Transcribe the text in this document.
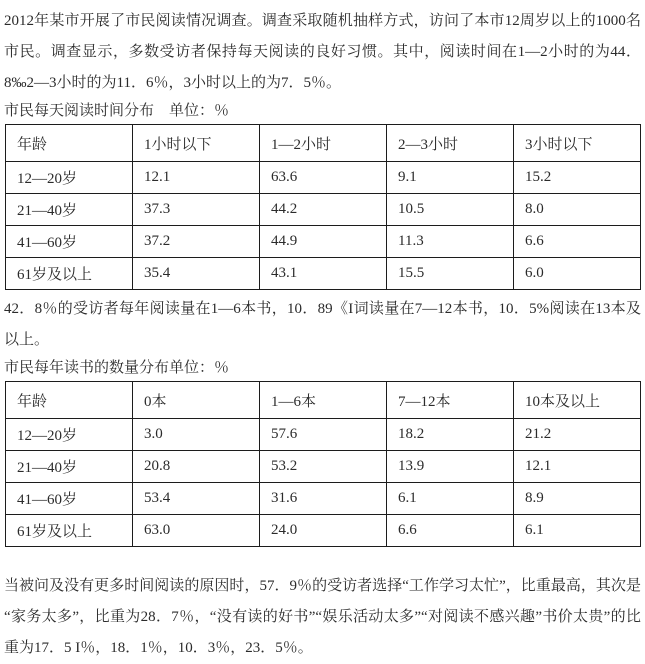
2012年某市开展了市民阅读情况调查。调查采取随机抽样方式，访问了本市12周岁以上的1000名市民。调查显示，多数受访者保持每天阅读的良好习惯。其中，阅读时间在1—2小时的为44．8‰2—3小时的为11．6％，3小时以上的为7．5％。

市民每天阅读时间分布　单位：％
年龄	1小时以下	1—2小时	2—3小时	3小时以下
12—20岁	12.1	63.6	9.1	15.2
21—40岁	37.3	44.2	10.5	8.0
41—60岁	37.2	44.9	11.3	6.6
61岁及以上	35.4	43.1	15.5	6.0

42．8％的受访者每年阅读量在1—6本书，10．89《I词读量在7—12本书，10．5%阅读在13本及以上。

市民每年读书的数量分布单位：％
年龄	0本	1—6本	7—12本	10本及以上
12—20岁	3.0	57.6	18.2	21.2
21—40岁	20.8	53.2	13.9	12.1
41—60岁	53.4	31.6	6.1	8.9
61岁及以上	63.0	24.0	6.6	6.1

当被问及没有更多时间阅读的原因时，57．9％的受访者选择“工作学习太忙”，比重最高，其次是“家务太多”，比重为28．7％，“没有读的好书”“娱乐活动太多”“对阅读不感兴趣”书价太贵”的比重为17．5 I％，18．1％，10．3％，23．5％。
